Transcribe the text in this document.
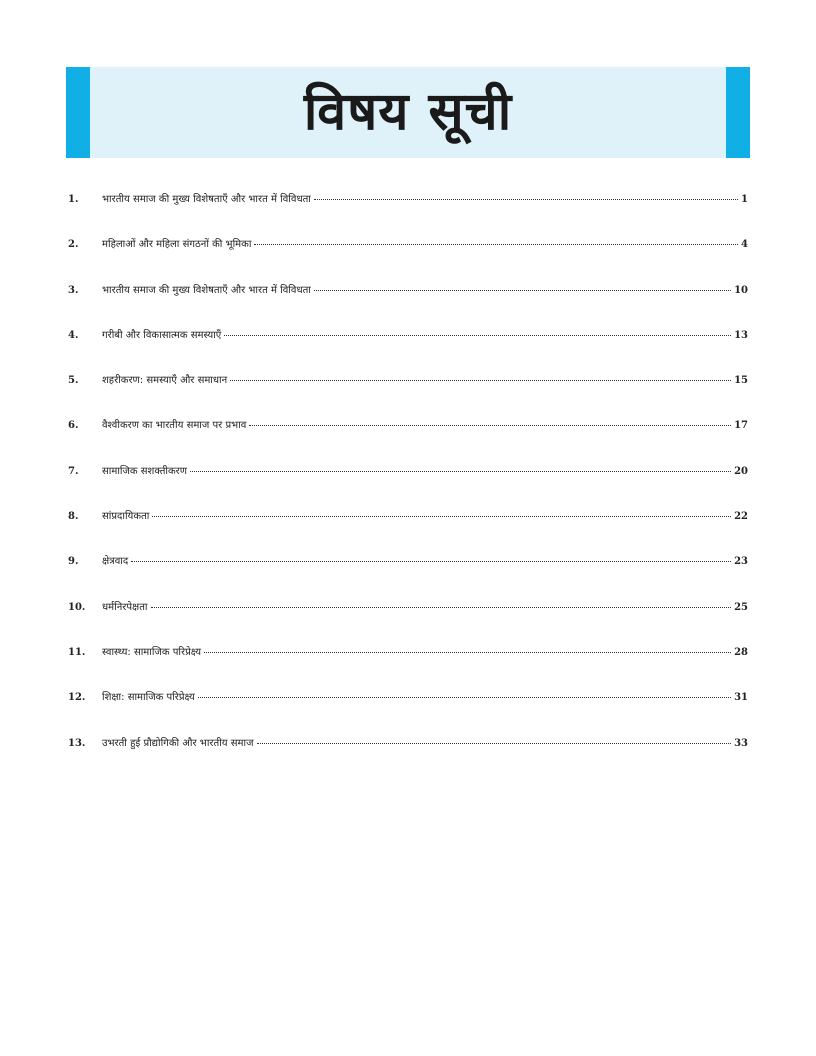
विषय सूची
1.	भारतीय समाज की मुख्य विशेषताएँ और भारत में विविधता	1
2.	महिलाओं और महिला संगठनों की भूमिका	4
3.	भारतीय समाज की मुख्य विशेषताएँ और भारत में विविधता	10
4.	गरीबी और विकासात्मक समस्याएँ	13
5.	शहरीकरण: समस्याएँ और समाधान	15
6.	वैश्वीकरण का भारतीय समाज पर प्रभाव	17
7.	सामाजिक सशक्तीकरण	20
8.	सांप्रदायिकता	22
9.	क्षेत्रवाद	23
10.	धर्मनिरपेक्षता	25
11.	स्वास्थ्य: सामाजिक परिप्रेक्ष्य	28
12.	शिक्षा: सामाजिक परिप्रेक्ष्य	31
13.	उभरती हुई प्रौद्योगिकी और भारतीय समाज	33
